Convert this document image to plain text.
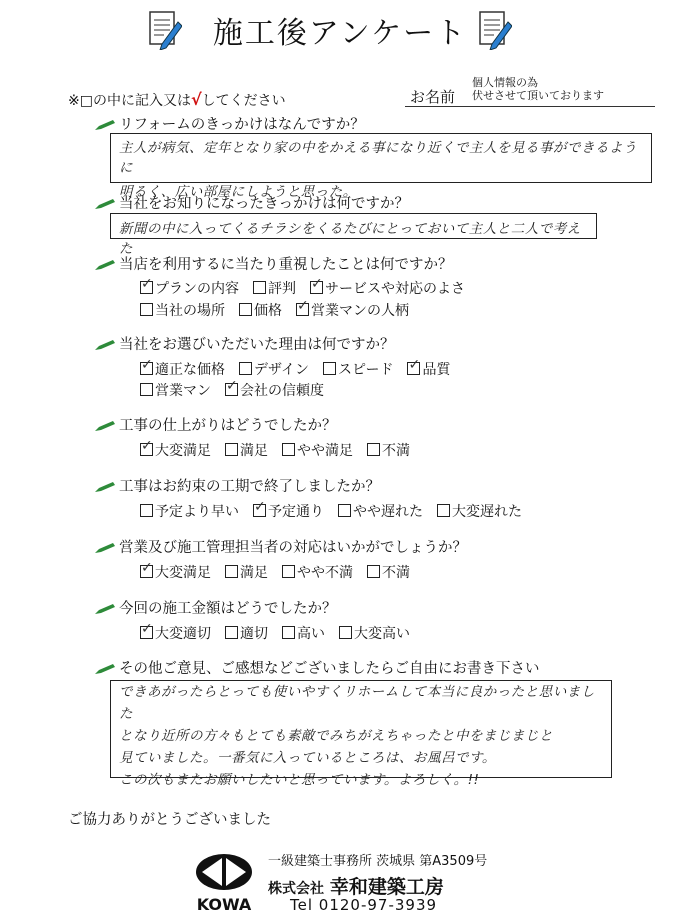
施工後アンケート
※□の中に記入又は√してください	お名前
個人情報の為
伏せさせて頂いております
リフォームのきっかけはなんですか？
主人が病気、定年となり家の中をかえる事になり近くで主人を見る事ができるように
明るく、広い部屋にしようと思った。
当社をお知りになったきっかけは何ですか？
新聞の中に入ってくるチラシをくるたびにとっておいて主人と二人で考えた
当店を利用するに当たり重視したことは何ですか？
✓プランの内容 評判 ✓ サービスや対応のよさ
当社の場所 価格 ✓ 営業マンの人柄
当社をお選びいただいた理由は何ですか？
✓適正な価格 デザイン スピード ✓ 品質
営業マン ✓ 会社の信頼度
工事の仕上がりはどうでしたか？
✓大変満足 満足 やや満足 不満
工事はお約束の工期で終了しましたか？
予定より早い ✓ 予定通り やや遅れた 大変遅れた
営業及び施工管理担当者の対応はいかがでしょうか？
✓大変満足 満足 やや不満 不満
今回の施工金額はどうでしたか？
✓大変適切 適切 高い 大変高い
その他ご意見、ご感想などございましたらご自由にお書き下さい
できあがったらとっても使いやすくリホームして本当に良かったと思いました
となり近所の方々もとても素敵でみちがえちゃったと中をまじまじと
見ていました。一番気に入っているところは、お風呂です。
この次もまたお願いしたいと思っています。よろしく。!!
ご協力ありがとうございました
KOWA
一級建築士事務所 茨城県 第A3509号
株式会社 幸和建築工房
Tel 0120-97-3939
